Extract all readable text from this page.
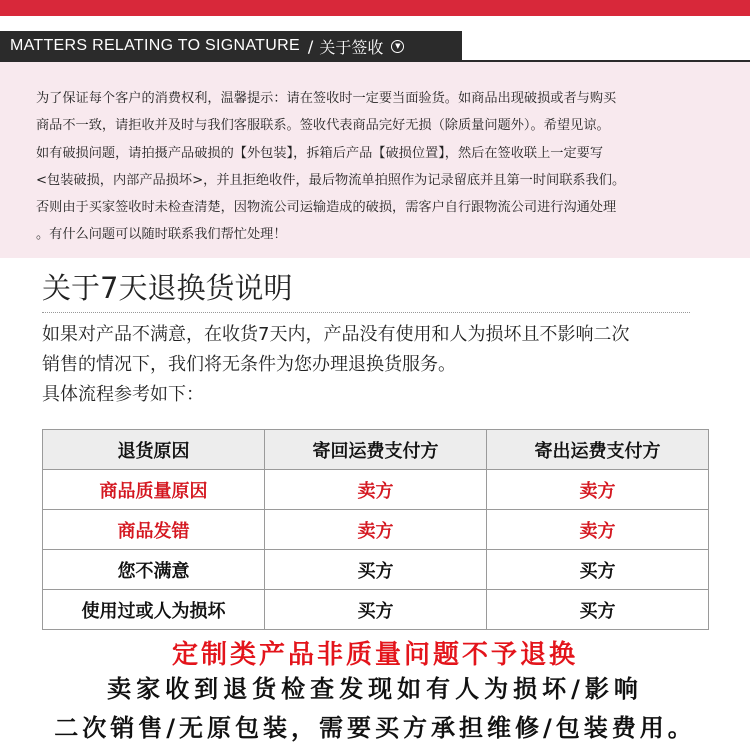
MATTERS RELATING TO SIGNATURE / 关于签收	▼

为了保证每个客户的消费权利，温馨提示：请在签收时一定要当面验货。如商品出现破损或者与购买
商品不一致，请拒收并及时与我们客服联系。签收代表商品完好无损（除质量问题外）。希望见谅。
如有破损问题，请拍摄产品破损的【外包装】，拆箱后产品【破损位置】，然后在签收联上一定要写
<包装破损，内部产品损坏>，并且拒绝收件，最后物流单拍照作为记录留底并且第一时间联系我们。
否则由于买家签收时未检查清楚，因物流公司运输造成的破损，需客户自行跟物流公司进行沟通处理
。有什么问题可以随时联系我们帮忙处理！

关于7天退换货说明

如果对产品不满意，在收货7天内，产品没有使用和人为损坏且不影响二次
销售的情况下，我们将无条件为您办理退换货服务。
具体流程参考如下：

退货原因	寄回运费支付方	寄出运费支付方
商品质量原因	卖方	卖方
商品发错	卖方	卖方
您不满意	买方	买方
使用过或人为损坏	买方	买方

定制类产品非质量问题不予退换

卖家收到退货检查发现如有人为损坏/影响

二次销售/无原包装，需要买方承担维修/包装费用。
